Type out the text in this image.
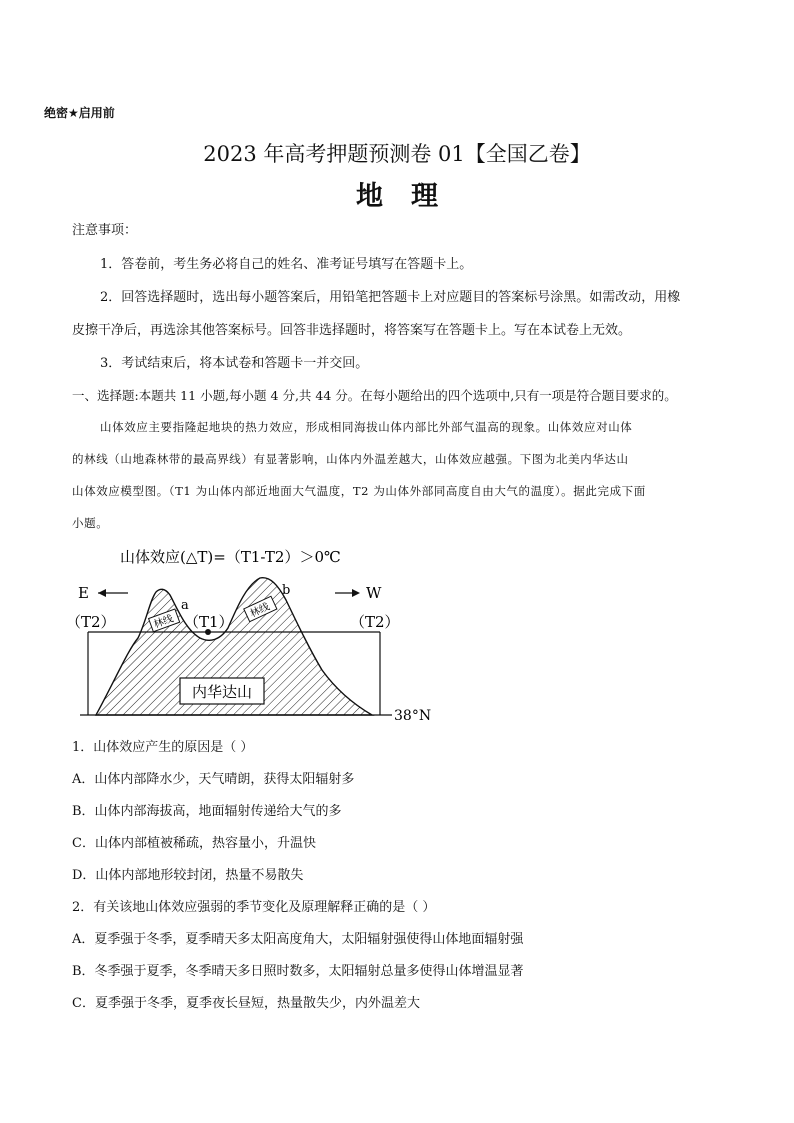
绝密★启用前
2023 年高考押题预测卷 01【全国乙卷】
地理
注意事项：
1．答卷前，考生务必将自己的姓名、准考证号填写在答题卡上。
2．回答选择题时，选出每小题答案后，用铅笔把答题卡上对应题目的答案标号涂黑。如需改动，用橡
皮擦干净后，再选涂其他答案标号。回答非选择题时，将答案写在答题卡上。写在本试卷上无效。
3．考试结束后，将本试卷和答题卡一并交回。
一、选择题:本题共 11 小题,每小题 4 分,共 44 分。在每小题给出的四个选项中,只有一项是符合题目要求的。
山体效应主要指隆起地块的热力效应，形成相同海拔山体内部比外部气温高的现象。山体效应对山体
的林线（山地森林带的最高界线）有显著影响，山体内外温差越大，山体效应越强。下图为北美内华达山
山体效应模型图。（T1 为山体内部近地面大气温度，T2 为山体外部同高度自由大气的温度）。据此完成下面
小题。
山体效应(△T)=（T1-T2）＞0℃
E	W
38°N
（T2）	（T1）	（T2）
a
b
林线
林线
内华达山
1．山体效应产生的原因是（ ）
A．山体内部降水少，天气晴朗，获得太阳辐射多
B．山体内部海拔高，地面辐射传递给大气的多
C．山体内部植被稀疏，热容量小，升温快
D．山体内部地形较封闭，热量不易散失
2．有关该地山体效应强弱的季节变化及原理解释正确的是（ ）
A．夏季强于冬季，夏季晴天多太阳高度角大，太阳辐射强使得山体地面辐射强
B．冬季强于夏季，冬季晴天多日照时数多，太阳辐射总量多使得山体增温显著
C．夏季强于冬季，夏季夜长昼短，热量散失少，内外温差大
